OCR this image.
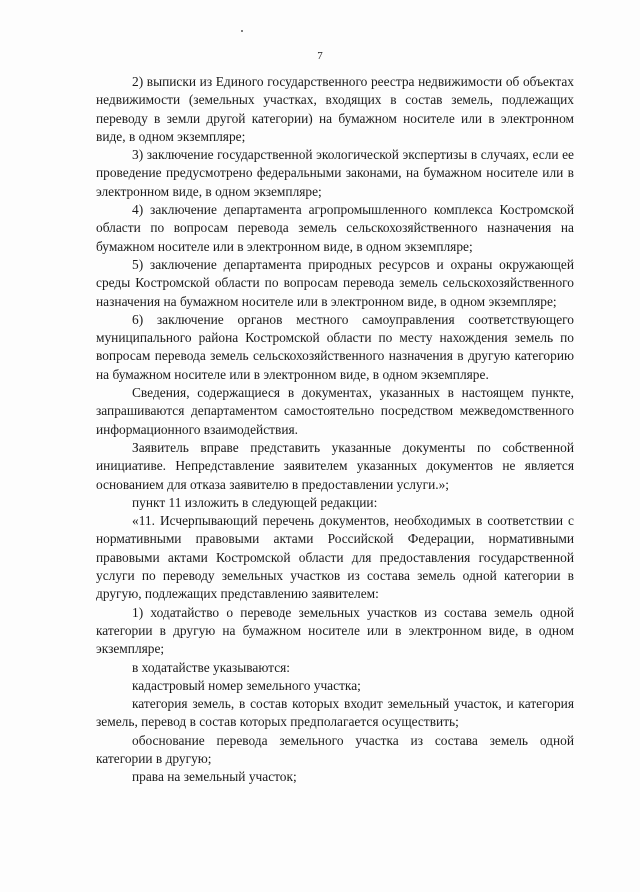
7

2) выписки из Единого государственного реестра недвижимости об объектах недвижимости (земельных участках, входящих в состав земель, подлежащих переводу в земли другой категории) на бумажном носителе или в электронном виде, в одном экземпляре;

3) заключение государственной экологической экспертизы в случаях, если ее проведение предусмотрено федеральными законами, на бумажном носителе или в электронном виде, в одном экземпляре;

4) заключение департамента агропромышленного комплекса Костромской области по вопросам перевода земель сельскохозяйственного назначения на бумажном носителе или в электронном виде, в одном экземпляре;

5) заключение департамента природных ресурсов и охраны окружающей среды Костромской области по вопросам перевода земель сельскохозяйственного назначения на бумажном носителе или в электронном виде, в одном экземпляре;

6) заключение органов местного самоуправления соответствующего муниципального района Костромской области по месту нахождения земель по вопросам перевода земель сельскохозяйственного назначения в другую категорию на бумажном носителе или в электронном виде, в одном экземпляре.

Сведения, содержащиеся в документах, указанных в настоящем пункте, запрашиваются департаментом самостоятельно посредством межведомственного информационного взаимодействия.

Заявитель вправе представить указанные документы по собственной инициативе. Непредставление заявителем указанных документов не является основанием для отказа заявителю в предоставлении услуги.»;

пункт 11 изложить в следующей редакции:

«11. Исчерпывающий перечень документов, необходимых в соответствии с нормативными правовыми актами Российской Федерации, нормативными правовыми актами Костромской области для предоставления государственной услуги по переводу земельных участков из состава земель одной категории в другую, подлежащих представлению заявителем:

1) ходатайство о переводе земельных участков из состава земель одной категории в другую на бумажном носителе или в электронном виде, в одном экземпляре;

в ходатайстве указываются:

кадастровый номер земельного участка;

категория земель, в состав которых входит земельный участок, и категория земель, перевод в состав которых предполагается осуществить;

обоснование перевода земельного участка из состава земель одной категории в другую;

права на земельный участок;
